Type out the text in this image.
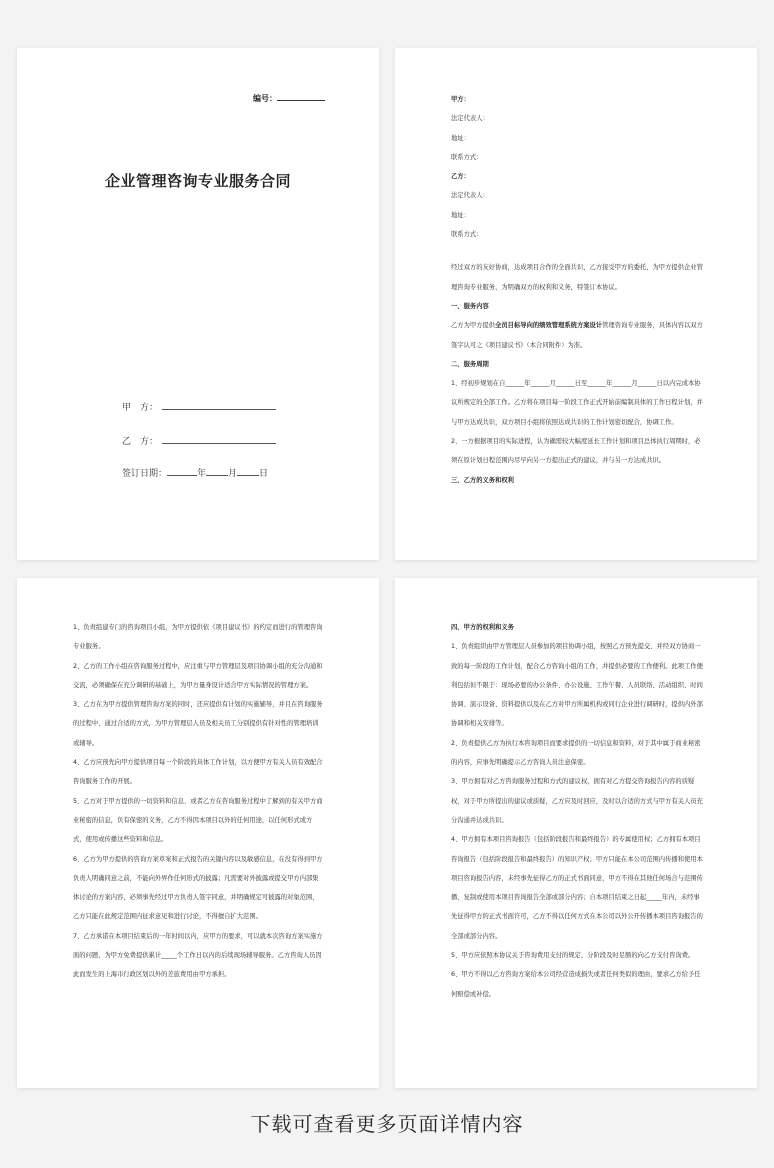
编号：
企业管理咨询专业服务合同
甲　方：
乙　方：
签订日期：	年 月 日

甲方：

法定代表人：

地址：

联系方式：

乙方：

法定代表人：

地址：

联系方式：

经过双方的友好协商，达成项目合作的全面共识，乙方接受甲方的委托，为甲方提供企业管理咨询专业服务，为明确双方的权利和义务，特签订本协议。

一、服务内容

乙方为甲方提供全员目标导向的绩效管理系统方案设计管理咨询专业服务，具体内容以双方签字认可之《项目建议书》（本合同附件）为准。

二、服务周期

1、经初步规划在自______年______月______日至______年______月______日以内完成本协议所规定的全部工作。乙方将在项目每一阶段工作正式开始前编制具体的工作日程计划，并与甲方达成共识，双方项目小组将依照达成共识的工作计划密切配合，协调工作。

2、一方根据项目的实际进程，认为确需较大幅度延长工作计划和项目总体执行周期时，必须在原计划日程范围内尽早向另一方提出正式的建议，并与另一方达成共识。

三、乙方的义务和权利

1、负责组建专门的咨询项目小组，为甲方提供依《项目建议书》的约定而进行的管理咨询专业服务。

2、乙方的工作小组在咨询服务过程中，应注重与甲方管理层及项目协调小组的充分沟通和交流，必须确保在充分调研的基础上，为甲方量身设计适合甲方实际情况的管理方案。

3、乙方在为甲方提供管理咨询方案的同时，还应提供有计划的实施辅导，并且在咨询服务的过程中，通过合适的方式，为甲方管理层人员及相关员工分别提供有针对性的管理培训或辅导。

4、乙方应预先向甲方提供项目每一个阶段的具体工作计划，以方便甲方有关人员有效配合咨询服务工作的开展。

5、乙方对于甲方提供的一切资料和信息、或者乙方在咨询服务过程中了解到的有关甲方商业秘密的信息，负有保密的义务，乙方不得因本项目以外的任何用途，以任何形式或方式，使用或传播这些资料和信息。

6、乙方为甲方提供的咨询方案草案和正式报告的关键内容以及敏感信息，在没有得到甲方负责人明确同意之前，不能向外界作任何形式的披露；凡需要对外披露或提交甲方内部集体讨论的方案内容，必须事先经过甲方负责人签字同意，并明确规定可披露的对象范围，乙方只能在此规定范围内征求意见和进行讨论，不得擅自扩大范围。

7、乙方承诺在本项目结束后的一年时间以内，应甲方的要求，可以就本次咨询方案实施方面的问题，为甲方免费提供累计_____个工作日以内的后续现场辅导服务。乙方咨询人员因此而发生的上海市行政区划以外的差旅费用由甲方承担。

四、甲方的权利和义务

1、负责组织由甲方管理层人员参加的项目协调小组，按照乙方预先提交、并经双方协商一致的每一阶段的工作计划，配合乙方咨询小组的工作，并提供必要的工作便利。此项工作便利包括但不限于：现场必要的办公条件、办公设施、工作午餐、人员联络、活动组织、时间协调、演示设备、资料提供以及在乙方对甲方所属机构或同行企业进行调研时，提供内外部协调和相关安排等。

2、负责提供乙方为执行本咨询项目而要求提供的一切信息和资料，对于其中属于商业秘密的内容，应事先明确提示乙方咨询人员注意保密。

3、甲方拥有对乙方咨询服务过程和方式的建议权，拥有对乙方提交咨询报告内容的质疑权，对于甲方所提出的建议或质疑，乙方应及时回应，及时以合适的方式与甲方有关人员充分沟通并达成共识。

4、甲方拥有本项目咨询报告（包括阶段报告和最终报告）的专属使用权；乙方拥有本项目咨询报告（包括阶段报告和最终报告）的知识产权；甲方只能在本公司范围内传播和使用本项目咨询报告内容，未经事先征得乙方的正式书面同意，甲方不得在其他任何场合与范围传播、复制或使用本项目咨询报告全部或部分内容；自本项目结束之日起_____年内，未经事先征得甲方的正式书面许可，乙方不得以任何方式在本公司以外公开传播本项目咨询报告的全部或部分内容。

5、甲方应依照本协议关于咨询费用支付的规定，分阶段及时足额的向乙方支付咨询费。

6、甲方不得以乙方咨询方案给本公司经营造成损失或者任何类似的理由，要求乙方给予任何赔偿或补偿。

下载可查看更多页面详情内容
